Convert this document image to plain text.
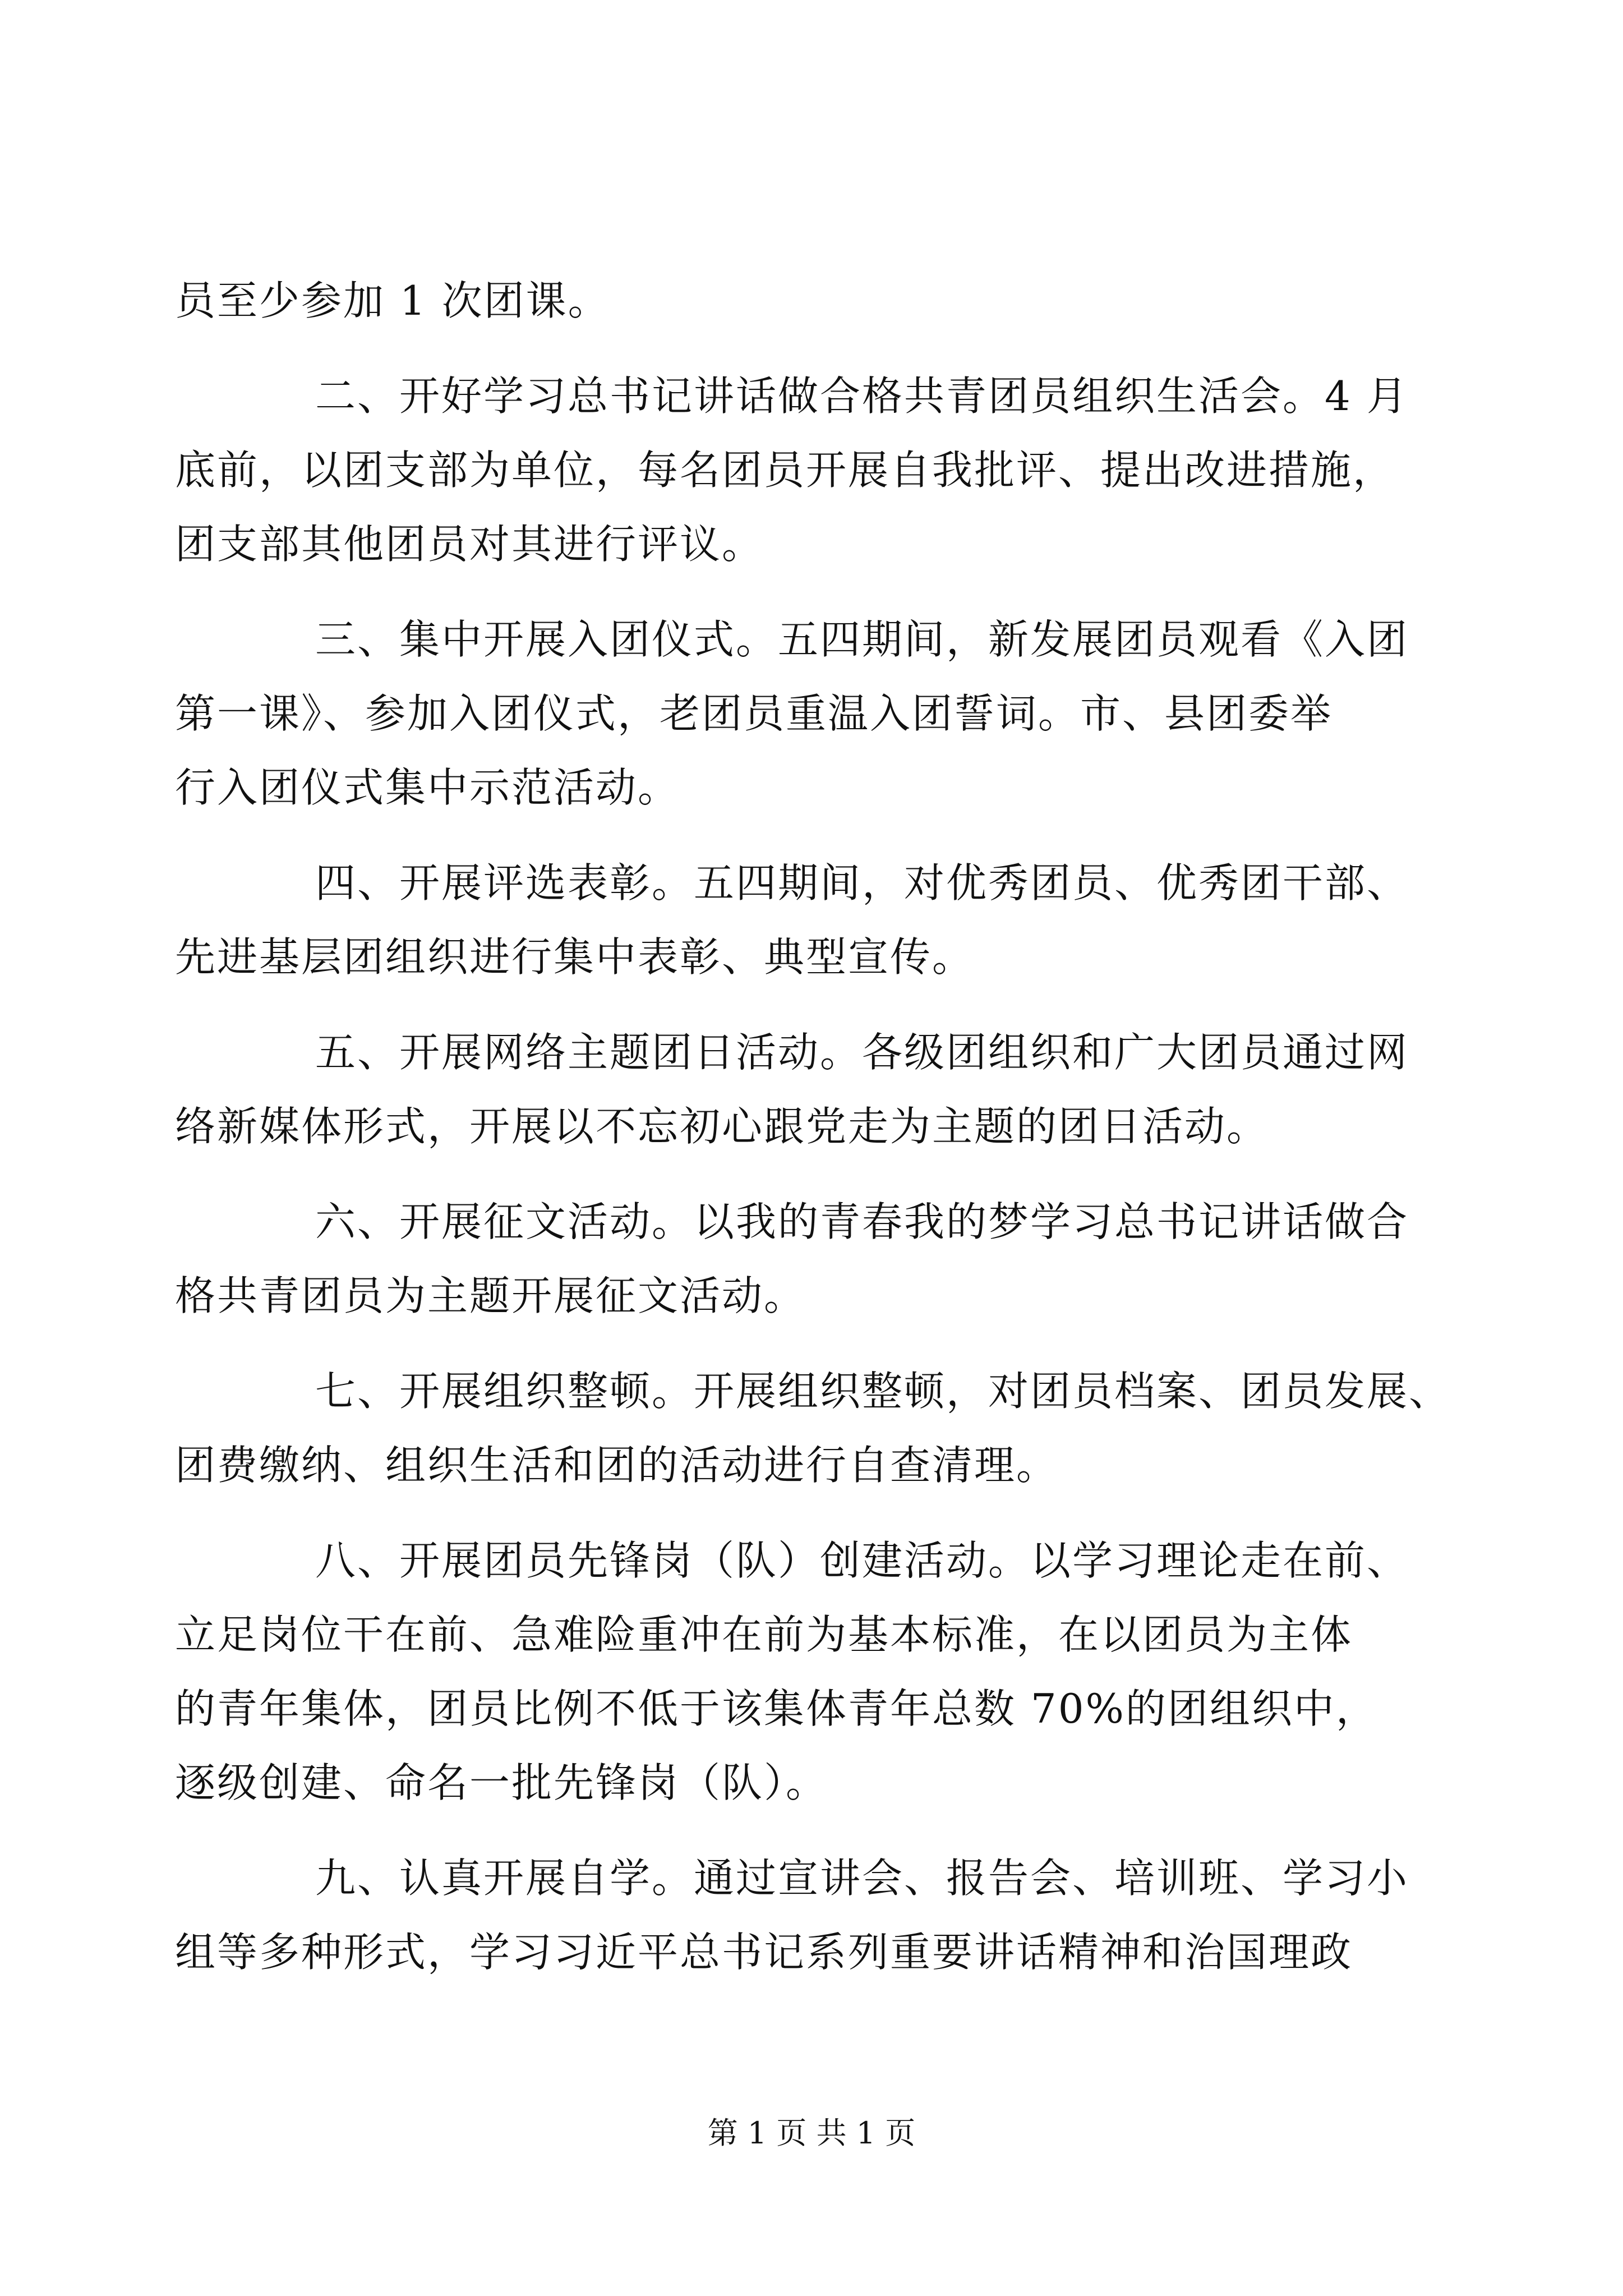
员至少参加 1 次团课。
二、开好学习总书记讲话做合格共青团员组织生活会。4 月
底前，以团支部为单位，每名团员开展自我批评、提出改进措施，
团支部其他团员对其进行评议。
三、集中开展入团仪式。五四期间，新发展团员观看《入团
第一课》、参加入团仪式，老团员重温入团誓词。市、县团委举
行入团仪式集中示范活动。
四、开展评选表彰。五四期间，对优秀团员、优秀团干部、
先进基层团组织进行集中表彰、典型宣传。
五、开展网络主题团日活动。各级团组织和广大团员通过网
络新媒体形式，开展以不忘初心跟党走为主题的团日活动。
六、开展征文活动。以我的青春我的梦学习总书记讲话做合
格共青团员为主题开展征文活动。
七、开展组织整顿。开展组织整顿，对团员档案、团员发展、
团费缴纳、组织生活和团的活动进行自查清理。
八、开展团员先锋岗（队）创建活动。以学习理论走在前、
立足岗位干在前、急难险重冲在前为基本标准，在以团员为主体
的青年集体，团员比例不低于该集体青年总数 70%的团组织中，
逐级创建、命名一批先锋岗（队）。
九、认真开展自学。通过宣讲会、报告会、培训班、学习小
组等多种形式，学习习近平总书记系列重要讲话精神和治国理政
第 1 页 共 1 页
